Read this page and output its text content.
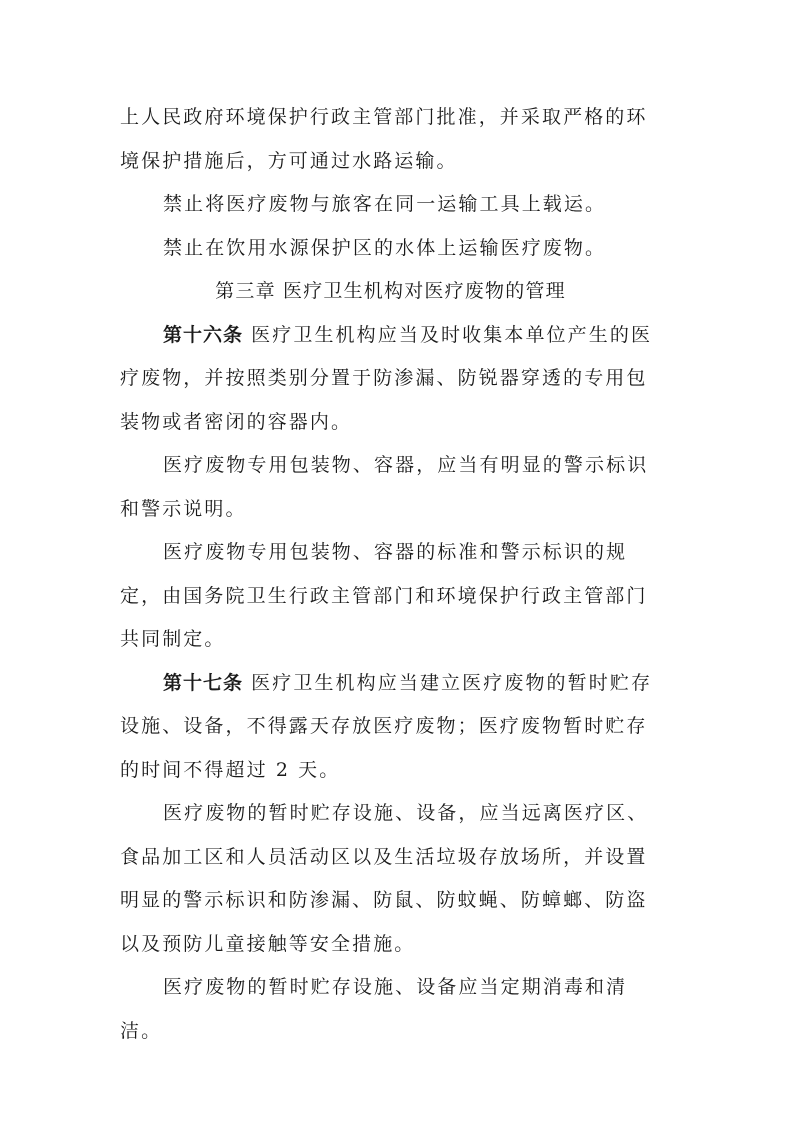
上人民政府环境保护行政主管部门批准，并采取严格的环
境保护措施后，方可通过水路运输。
禁止将医疗废物与旅客在同一运输工具上载运。
禁止在饮用水源保护区的水体上运输医疗废物。
第三章 医疗卫生机构对医疗废物的管理
第十六条 医疗卫生机构应当及时收集本单位产生的医
疗废物，并按照类别分置于防渗漏、防锐器穿透的专用包
装物或者密闭的容器内。
医疗废物专用包装物、容器，应当有明显的警示标识
和警示说明。
医疗废物专用包装物、容器的标准和警示标识的规
定，由国务院卫生行政主管部门和环境保护行政主管部门
共同制定。
第十七条 医疗卫生机构应当建立医疗废物的暂时贮存
设施、设备，不得露天存放医疗废物；医疗废物暂时贮存
的时间不得超过 2 天。
医疗废物的暂时贮存设施、设备，应当远离医疗区、
食品加工区和人员活动区以及生活垃圾存放场所，并设置
明显的警示标识和防渗漏、防鼠、防蚊蝇、防蟑螂、防盗
以及预防儿童接触等安全措施。
医疗废物的暂时贮存设施、设备应当定期消毒和清
洁。
